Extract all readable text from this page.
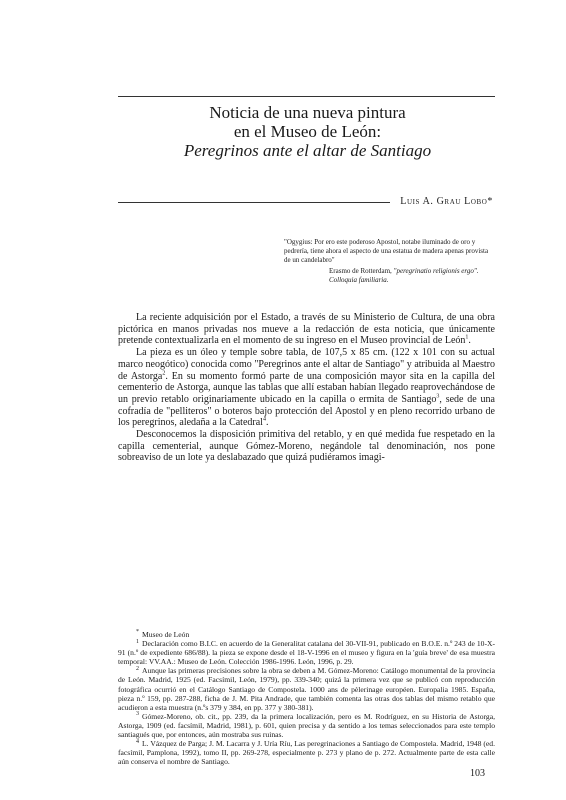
Noticia de una nueva pintura
en el Museo de León:
Peregrinos ante el altar de Santiago
Luis A. Grau Lobo*

"Ogygius: Por ero este poderoso Apostol, notabe iluminado de oro y pedrería, tiene ahora el aspecto de una estatua de madera apenas provista de un candelabro"

Erasmo de Rotterdam, "peregrinatio religionis ergo". Colloquia familiaria.

La reciente adquisición por el Estado, a través de su Ministerio de Cultura, de una obra pictórica en manos privadas nos mueve a la redacción de esta noticia, que únicamente pretende contextualizarla en el momento de su ingreso en el Museo provincial de León$^1$.

La pieza es un óleo y temple sobre tabla, de 107,5 x 85 cm. (122 x 101 con su actual marco neogótico) conocida como "Peregrinos ante el altar de Santiago" y atribuida al Maestro de Astorga$^2$. En su momento formó parte de una composición mayor sita en la capilla del cementerio de Astorga, aunque las tablas que allí estaban habían llegado reaprovechándose de un previo retablo originariamente ubicado en la capilla o ermita de Santiago$^3$, sede de una cofradía de "pelliteros" o boteros bajo protección del Apostol y en pleno recorrido urbano de los peregrinos, aledaña a la Catedral$^4$.

Desconocemos la disposición primitiva del retablo, y en qué medida fue respetado en la capilla cementerial, aunque Gómez-Moreno, negándole tal denominación, nos pone sobreaviso de un lote ya deslabazado que quizá pudiéramos imagi-

* Museo de León

$^1$ Declaración como B.I.C. en acuerdo de la Generalitat catalana del 30-VII-91, publicado en B.O.E. n.º 243 de 10-X-91 (n.º de expediente 686/88). la pieza se expone desde el 18-V-1996 en el museo y figura en la 'guía breve' de esa muestra temporal: VV.AA.: Museo de León. Colección 1986-1996. León, 1996, p. 29.

$^2$ Aunque las primeras precisiones sobre la obra se deben a M. Gómez-Moreno: Catálogo monumental de la provincia de León. Madrid, 1925 (ed. Facsímil, León, 1979), pp. 339-340; quizá la primera vez que se publicó con reproducción fotográfica ocurrió en el Catálogo Santiago de Compostela. 1000 ans de pèlerinage européen. Europalia 1985. España, pieza n.º 159, pp. 287-288, ficha de J. M. Pita Andrade, que también comenta las otras dos tablas del mismo retablo que acudieron a esta muestra (n.ºs 379 y 384, en pp. 377 y 380-381).

$^3$ Gómez-Moreno, ob. cit., pp. 239, da la primera localización, pero es M. Rodríguez, en su Historia de Astorga, Astorga, 1909 (ed. facsímil, Madrid, 1981), p. 601, quien precisa y da sentido a los temas seleccionados para este templo santiagués que, por entonces, aún mostraba sus ruinas.

$^4$ L. Vázquez de Parga; J. M. Lacarra y J. Uría Ríu, Las peregrinaciones a Santiago de Compostela. Madrid, 1948 (ed. facsímil, Pamplona, 1992), tomo II, pp. 269-278, especialmente p. 273 y plano de p. 272. Actualmente parte de esta calle aún conserva el nombre de Santiago.

103
